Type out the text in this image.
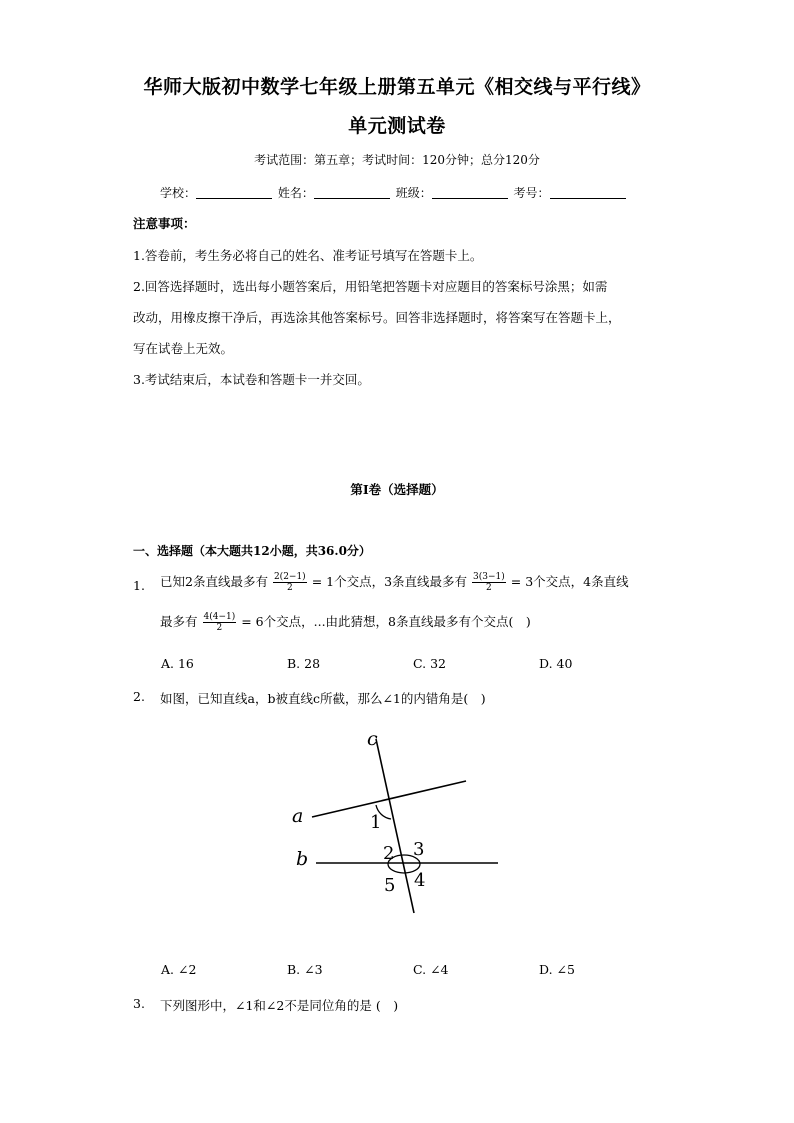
华师大版初中数学七年级上册第五单元《相交线与平行线》
单元测试卷
考试范围：第五章；考试时间：120分钟；总分120分
学校：	姓名：	班级：	考号：
注意事项：
1.答卷前，考生务必将自己的姓名、准考证号填写在答题卡上。
2.回答选择题时，选出每小题答案后，用铅笔把答题卡对应题目的答案标号涂黑；如需
改动，用橡皮擦干净后，再选涂其他答案标号。回答非选择题时，将答案写在答题卡上，
写在试卷上无效。
3.考试结束后，本试卷和答题卡一并交回。
第I卷（选择题）
一、选择题（本大题共12小题，共36.0分）
1. 已知2条直线最多有 $\frac{2(2-1)}{2} = 1$个交点，3条直线最多有 $\frac{3(3-1)}{2} = 3$个交点，4条直线
最多有 $\frac{4(4-1)}{2} = 6$个交点，...由此猜想，8条直线最多有个交点(　)
A. 16	B. 28	C. 32	D. 40
2. 如图，已知直线a，b被直线c所截，那么∠1的内错角是(　)
c
a
b
1
2 3
4
5
A. ∠2	B. ∠3	C. ∠4	D. ∠5
3. 下列图形中，∠1和∠2不是同位角的是 (　)
